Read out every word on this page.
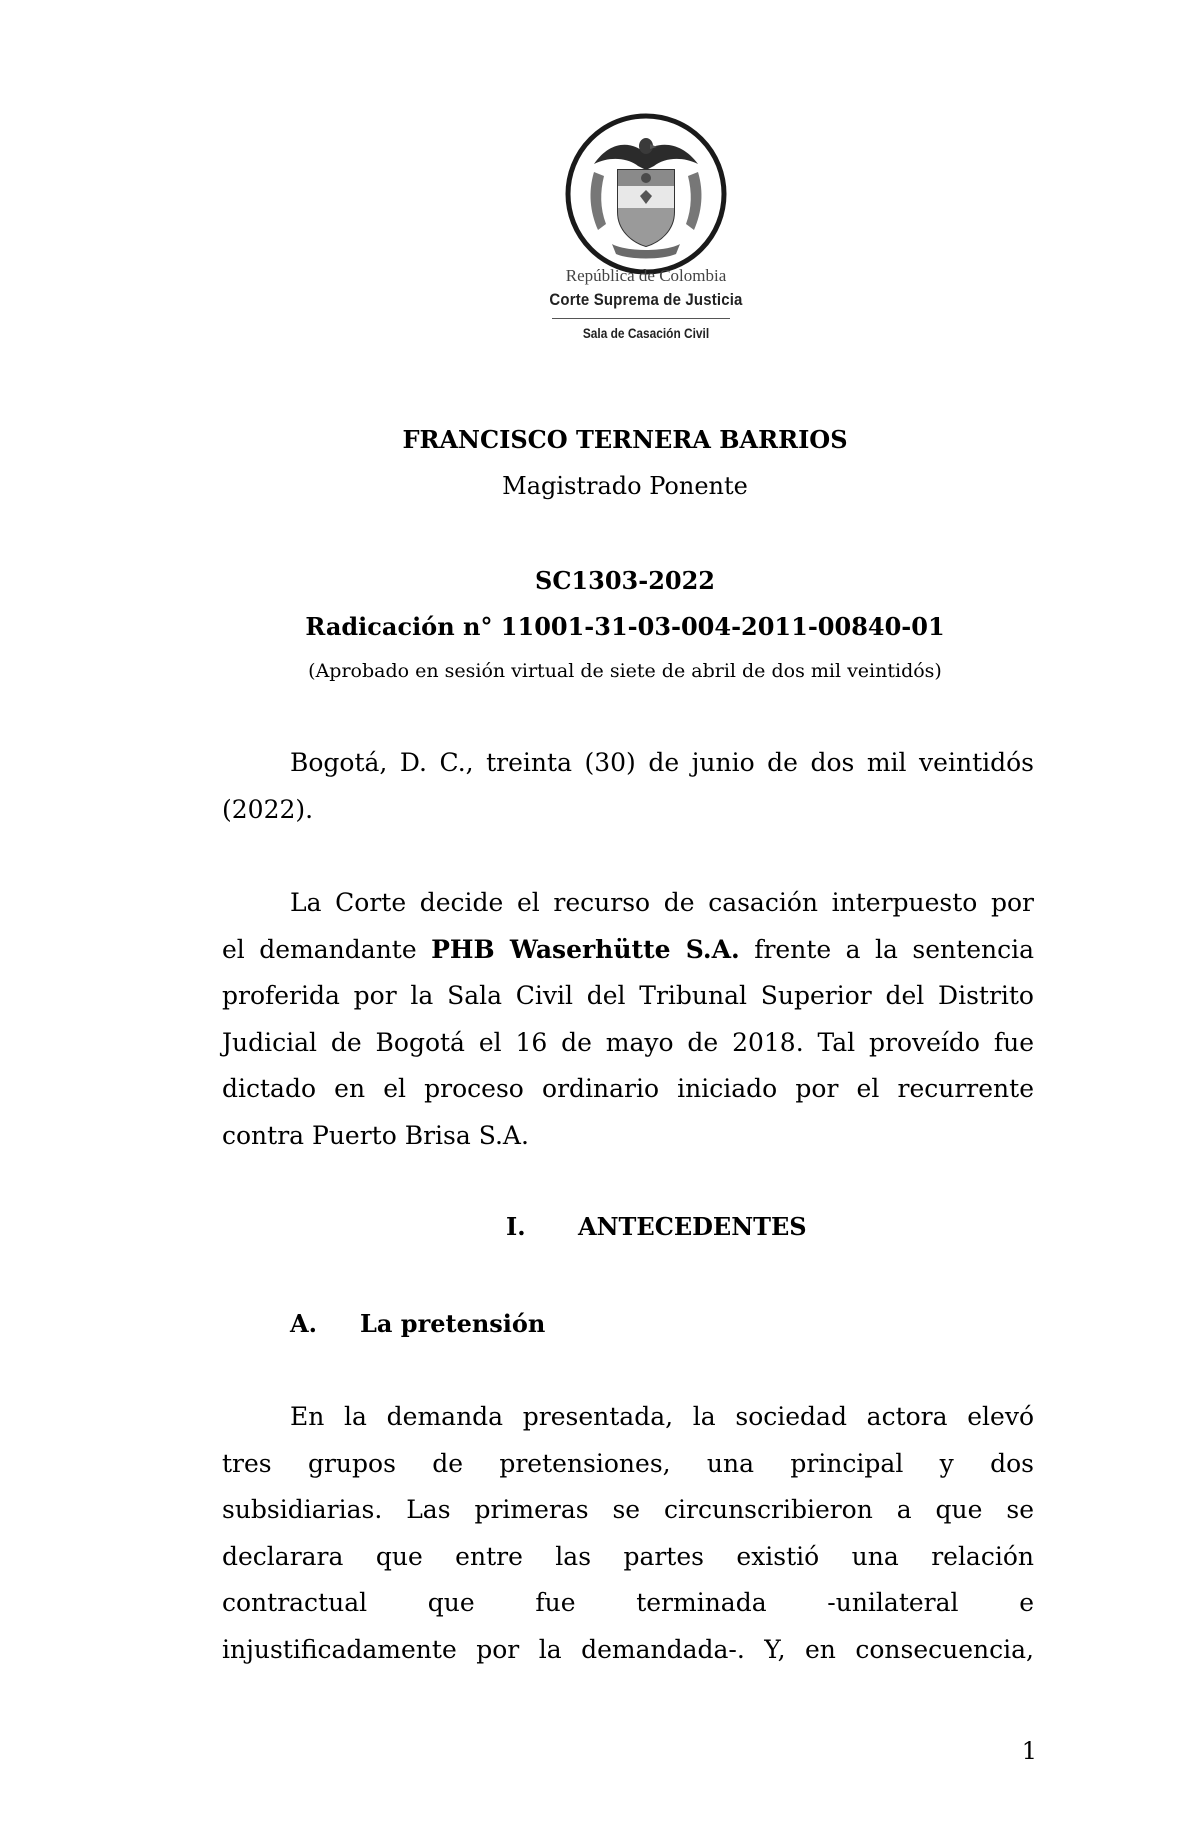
República de Colombia
Corte Suprema de Justicia
Sala de Casación Civil
FRANCISCO TERNERA BARRIOS
Magistrado Ponente
SC1303-2022
Radicación n° 11001-31-03-004-2011-00840-01
(Aprobado en sesión virtual de siete de abril de dos mil veintidós)
Bogotá, D. C., treinta (30) de junio de dos mil veintidós
(2022).
La Corte decide el recurso de casación interpuesto por
el demandante PHB Waserhütte S.A. frente a la sentencia
proferida por la Sala Civil del Tribunal Superior del Distrito
Judicial de Bogotá el 16 de mayo de 2018. Tal proveído fue
dictado en el proceso ordinario iniciado por el recurrente
contra Puerto Brisa S.A.
I. ANTECEDENTES
A. La pretensión
En la demanda presentada, la sociedad actora elevó
tres grupos de pretensiones, una principal y dos
subsidiarias. Las primeras se circunscribieron a que se
declarara que entre las partes existió una relación
contractual que fue terminada -unilateral e
injustificadamente por la demandada-. Y, en consecuencia,
1
